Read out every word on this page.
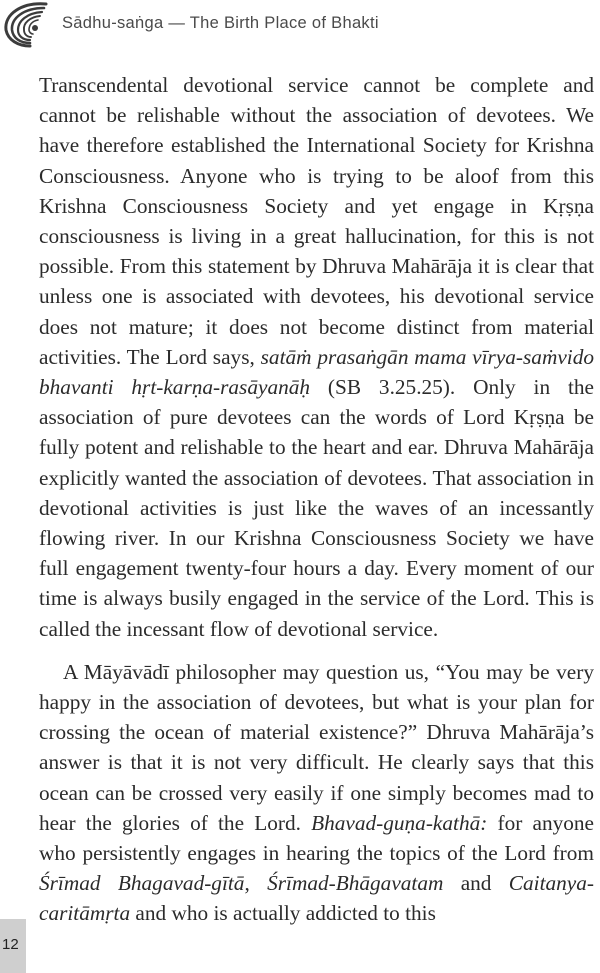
Sādhu-saṅga — The Birth Place of Bhakti

Transcendental devotional service cannot be complete and cannot be relishable without the association of devotees. We have therefore established the International Society for Krishna Consciousness. Anyone who is trying to be aloof from this Krishna Consciousness Society and yet engage in Kṛṣṇa consciousness is living in a great hallucination, for this is not possible. From this statement by Dhruva Mahārāja it is clear that unless one is associated with devotees, his devotional service does not mature; it does not become distinct from material activities. The Lord says, satāṁ prasaṅgān mama vīrya-saṁvido bhavanti hṛt-karṇa-rasāyanāḥ (SB 3.25.25). Only in the association of pure devotees can the words of Lord Kṛṣṇa be fully potent and relishable to the heart and ear. Dhruva Mahārāja explicitly wanted the association of devotees. That association in devotional activities is just like the waves of an incessantly flowing river. In our Krishna Consciousness Society we have full engagement twenty-four hours a day. Every moment of our time is always busily engaged in the service of the Lord. This is called the incessant flow of devotional service.

A Māyāvādī philosopher may question us, “You may be very happy in the association of devotees, but what is your plan for crossing the ocean of material existence?” Dhruva Mahārāja’s answer is that it is not very difficult. He clearly says that this ocean can be crossed very easily if one simply becomes mad to hear the glories of the Lord. Bhavad-guṇa-kathā: for anyone who persistently engages in hearing the topics of the Lord from Śrīmad Bhagavad-gītā, Śrīmad-Bhāgavatam and Caitanya-caritāmṛta and who is actually addicted to this

12
